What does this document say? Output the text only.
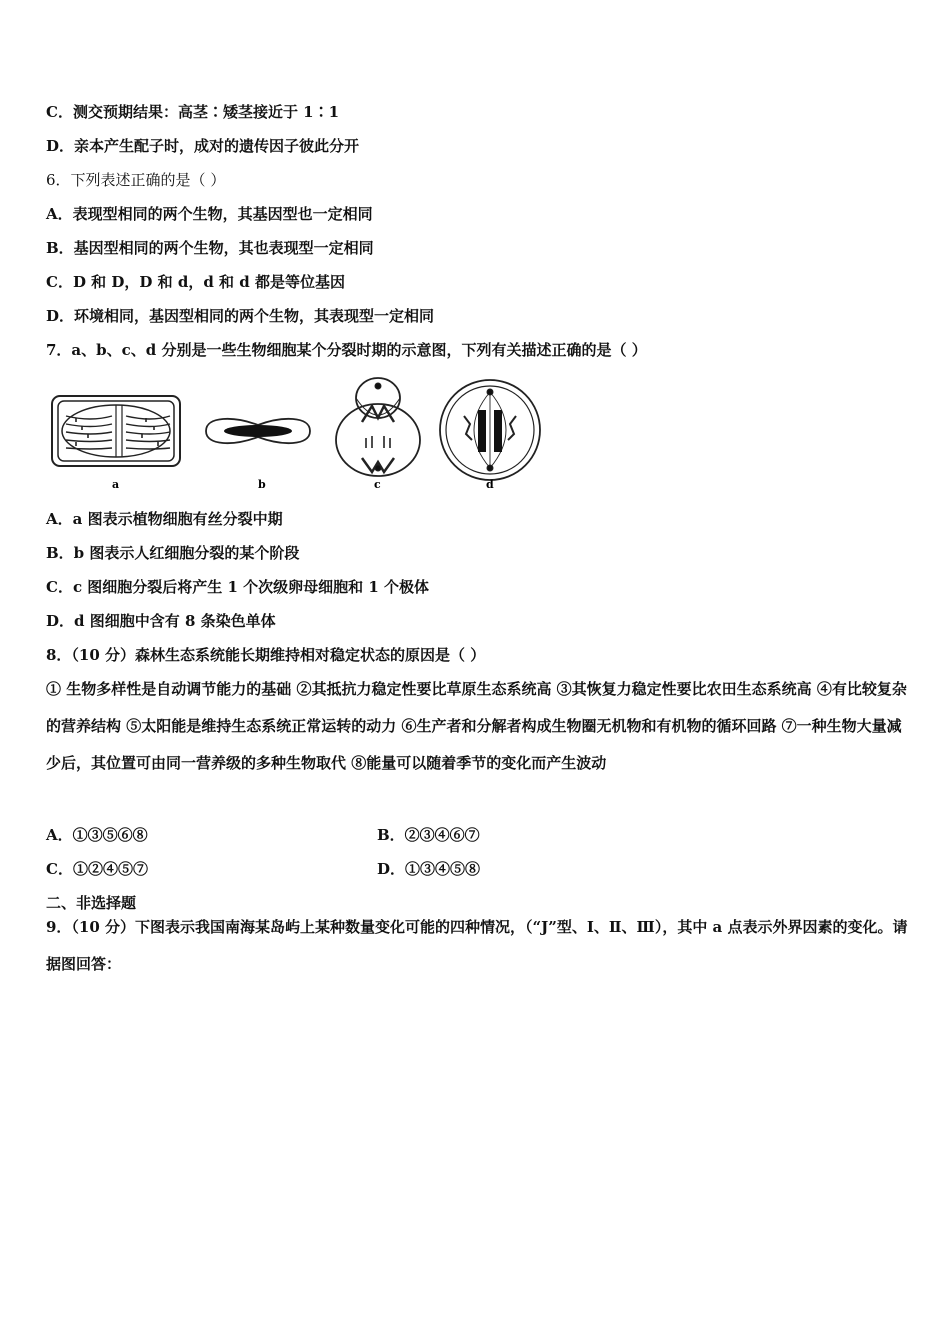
C．测交预期结果：高茎∶矮茎接近于 1∶1
D．亲本产生配子时，成对的遗传因子彼此分开
6．下列表述正确的是（ ）
A．表现型相同的两个生物，其基因型也一定相同
B．基因型相同的两个生物，其也表现型一定相同
C．D 和 D，D 和 d，d 和 d 都是等位基因
D．环境相同，基因型相同的两个生物，其表现型一定相同
7．a、b、c、d 分别是一些生物细胞某个分裂时期的示意图，下列有关描述正确的是（ ）
a	b	c	d
A．a 图表示植物细胞有丝分裂中期
B．b 图表示人红细胞分裂的某个阶段
C．c 图细胞分裂后将产生 1 个次级卵母细胞和 1 个极体
D．d 图细胞中含有 8 条染色单体
8．（10 分）森林生态系统能长期维持相对稳定状态的原因是（ ）
① 生物多样性是自动调节能力的基础 ②其抵抗力稳定性要比草原生态系统高 ③其恢复力稳定性要比农田生态系统高 ④有比较复杂的营养结构 ⑤太阳能是维持生态系统正常运转的动力 ⑥生产者和分解者构成生物圈无机物和有机物的循环回路 ⑦一种生物大量减少后，其位置可由同一营养级的多种生物取代 ⑧能量可以随着季节的变化而产生波动
A．①③⑤⑥⑧	B．②③④⑥⑦
C．①②④⑤⑦	D．①③④⑤⑧
二、非选择题
9．（10 分）下图表示我国南海某岛屿上某种数量变化可能的四种情况，（“J”型、Ⅰ、Ⅱ、Ⅲ），其中 a 点表示外界因素的变化。请据图回答：
